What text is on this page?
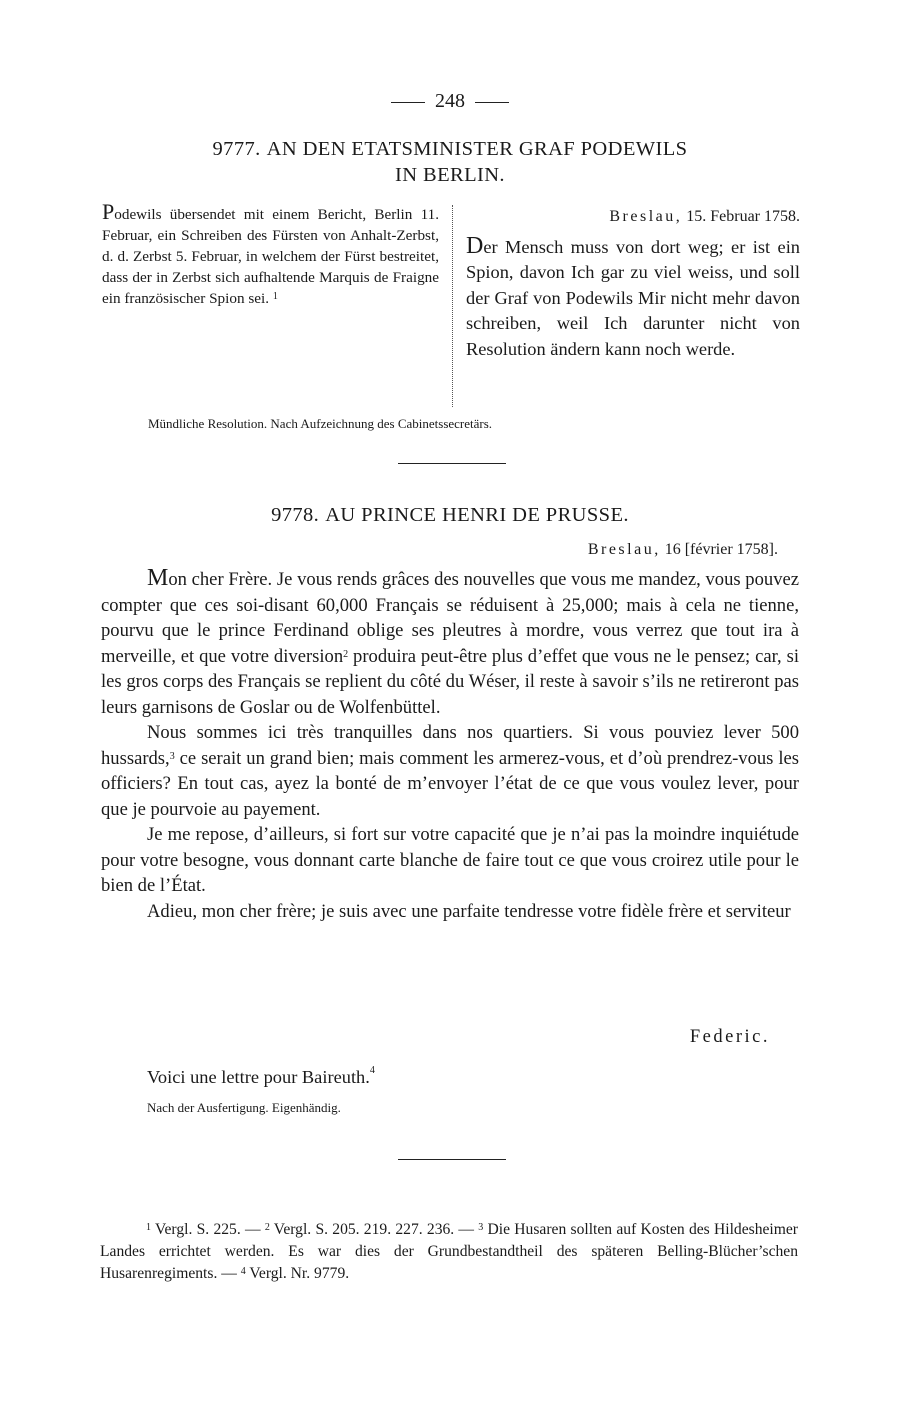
248
9777. AN DEN ETATSMINISTER GRAF PODEWILS
IN BERLIN.
Podewils übersendet mit einem Bericht, Berlin 11. Februar, ein Schreiben des Fürsten von Anhalt-Zerbst, d. d. Zerbst 5. Februar, in welchem der Fürst bestreitet, dass der in Zerbst sich aufhaltende Marquis de Fraigne ein französischer Spion sei. $^1$
Breslau, 15. Februar 1758.
Der Mensch muss von dort weg; er ist ein Spion, davon Ich gar zu viel weiss, und soll der Graf von Podewils Mir nicht mehr davon schreiben, weil Ich darunter nicht von Resolution ändern kann noch werde.
Mündliche Resolution. Nach Aufzeichnung des Cabinetssecretärs.
9778. AU PRINCE HENRI DE PRUSSE.
Breslau, 16 [février 1758].

Mon cher Frère. Je vous rends grâces des nouvelles que vous me mandez, vous pouvez compter que ces soi-disant 60,000 Français se réduisent à 25,000; mais à cela ne tienne, pourvu que le prince Ferdinand oblige ses pleutres à mordre, vous verrez que tout ira à merveille, et que votre diversion$^2$ produira peut-être plus d’effet que vous ne le pensez; car, si les gros corps des Français se replient du côté du Wéser, il reste à savoir s’ils ne retireront pas leurs garnisons de Goslar ou de Wolfenbüttel.

Nous sommes ici très tranquilles dans nos quartiers. Si vous pouviez lever 500 hussards,$^3$ ce serait un grand bien; mais comment les armerez-vous, et d’où prendrez-vous les officiers? En tout cas, ayez la bonté de m’envoyer l’état de ce que vous voulez lever, pour que je pourvoie au payement.

Je me repose, d’ailleurs, si fort sur votre capacité que je n’ai pas la moindre inquiétude pour votre besogne, vous donnant carte blanche de faire tout ce que vous croirez utile pour le bien de l’État.

Adieu, mon cher frère; je suis avec une parfaite tendresse votre fidèle frère et serviteur

Federic.
Voici une lettre pour Baireuth.$^4$
Nach der Ausfertigung. Eigenhändig.

$^1$ Vergl. S. 225. — $^2$ Vergl. S. 205. 219. 227. 236. — $^3$ Die Husaren sollten auf Kosten des Hildesheimer Landes errichtet werden. Es war dies der Grundbestandtheil des späteren Belling-Blücher’schen Husarenregiments. — $^4$ Vergl. Nr. 9779.
